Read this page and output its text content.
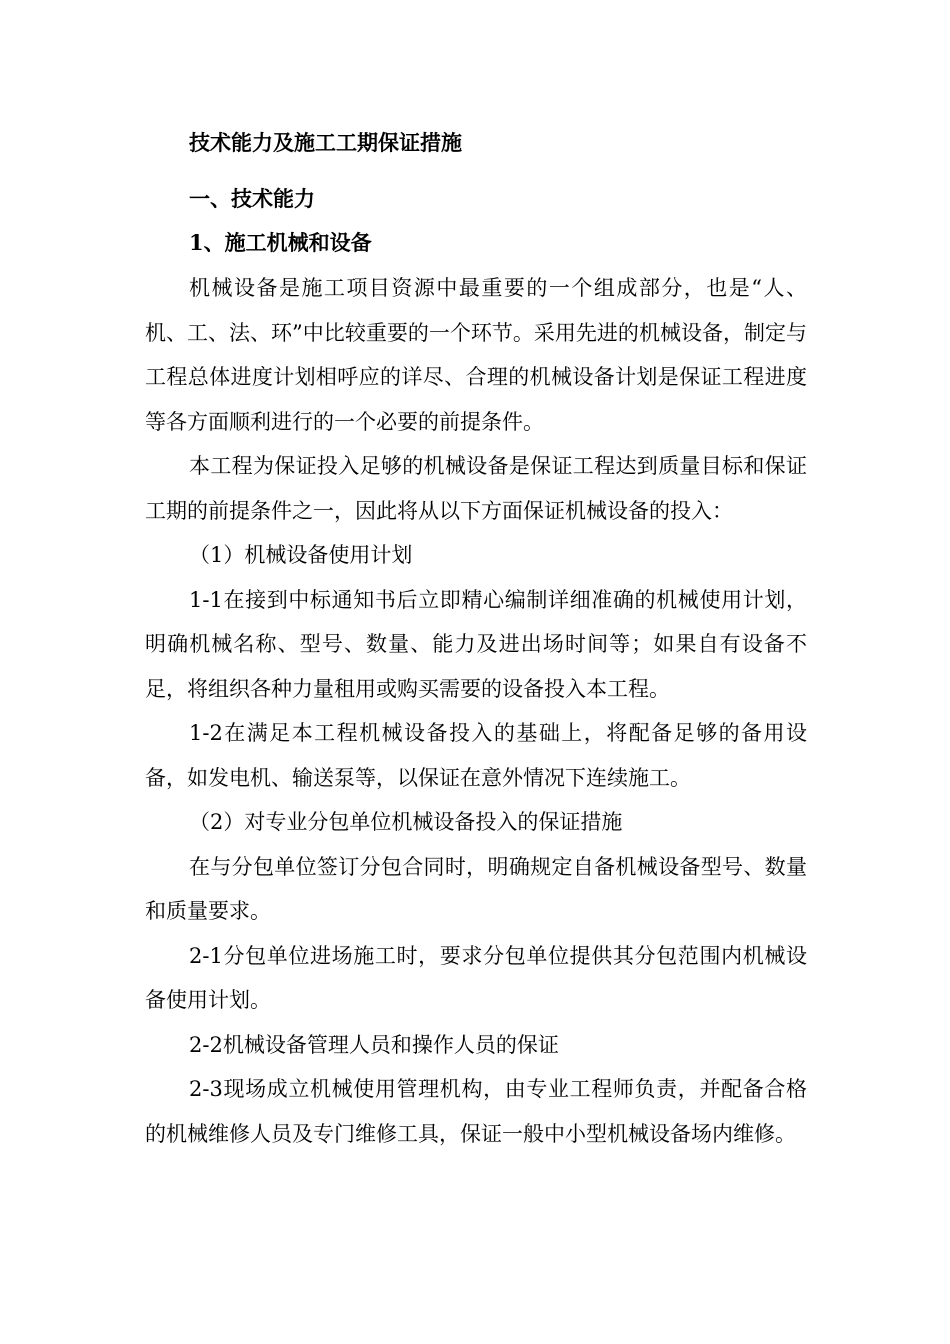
技术能力及施工工期保证措施

一、技术能力

1、施工机械和设备

机械设备是施工项目资源中最重要的一个组成部分，也是“人、机、工、法、环”中比较重要的一个环节。采用先进的机械设备，制定与工程总体进度计划相呼应的详尽、合理的机械设备计划是保证工程进度等各方面顺利进行的一个必要的前提条件。

本工程为保证投入足够的机械设备是保证工程达到质量目标和保证工期的前提条件之一，因此将从以下方面保证机械设备的投入：

（1）机械设备使用计划

1-1在接到中标通知书后立即精心编制详细准确的机械使用计划，明确机械名称、型号、数量、能力及进出场时间等；如果自有设备不足，将组织各种力量租用或购买需要的设备投入本工程。

1-2在满足本工程机械设备投入的基础上，将配备足够的备用设备，如发电机、输送泵等，以保证在意外情况下连续施工。

（2）对专业分包单位机械设备投入的保证措施

在与分包单位签订分包合同时，明确规定自备机械设备型号、数量和质量要求。

2-1分包单位进场施工时，要求分包单位提供其分包范围内机械设备使用计划。

2-2机械设备管理人员和操作人员的保证

2-3现场成立机械使用管理机构，由专业工程师负责，并配备合格的机械维修人员及专门维修工具，保证一般中小型机械设备场内维修。
